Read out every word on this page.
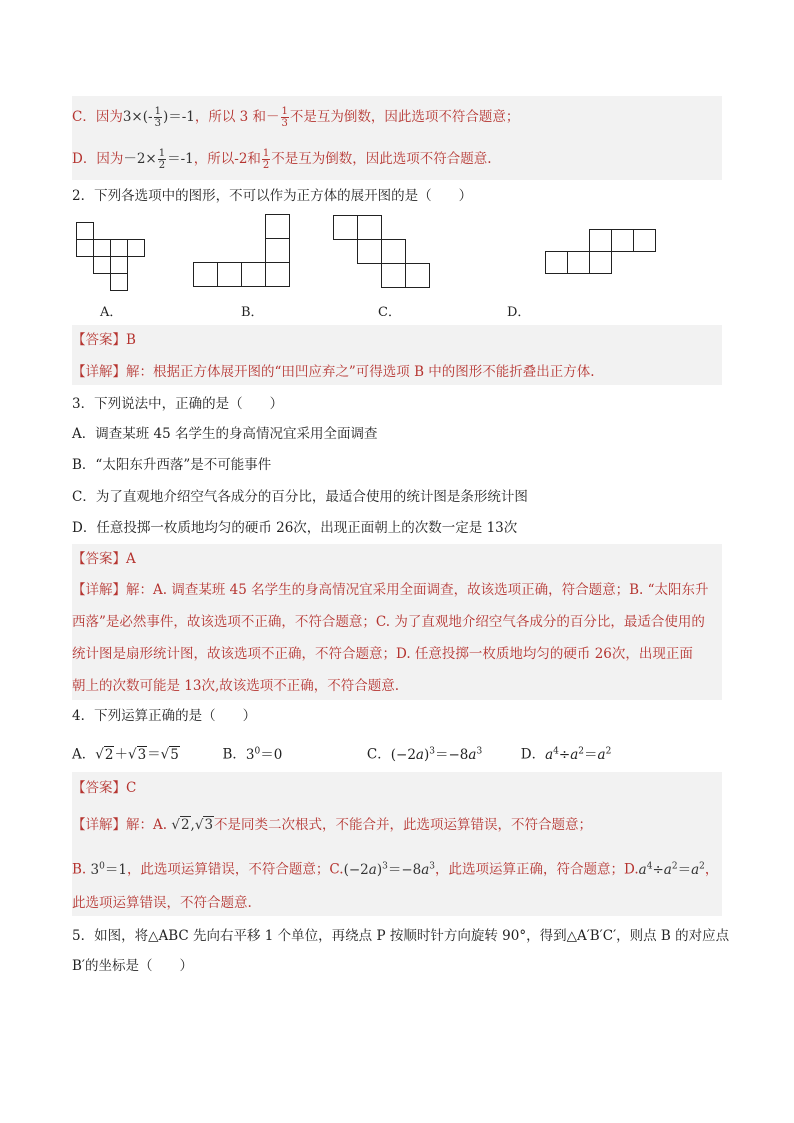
C．因为$3\times(- \frac{1}{3} )=-1$，所以 3 和－ $\frac{1}{3}$ 不是互为倒数，因此选项不符合题意；
D．因为$-2\times \frac{1}{2} =-1$，所以-2和 $\frac{1}{2}$ 不是互为倒数，因此选项不符合题意.
2．下列各选项中的图形，不可以作为正方体的展开图的是（　　）
A．	B．	C．	D．
【答案】B
【详解】解：根据正方体展开图的“田凹应弃之”可得选项 B 中的图形不能折叠出正方体.
3．下列说法中，正确的是（　　）
A．调查某班 45 名学生的身高情况宜采用全面调查
B．“太阳东升西落”是不可能事件
C．为了直观地介绍空气各成分的百分比，最适合使用的统计图是条形统计图
D．任意投掷一枚质地均匀的硬币 26次，出现正面朝上的次数一定是 13次
【答案】A
【详解】解：A. 调查某班 45 名学生的身高情况宜采用全面调查，故该选项正确，符合题意；B. “太阳东升
西落”是必然事件，故该选项不正确，不符合题意；C. 为了直观地介绍空气各成分的百分比，最适合使用的
统计图是扇形统计图，故该选项不正确，不符合题意；D. 任意投掷一枚质地均匀的硬币 26次，出现正面
朝上的次数可能是 13次,故该选项不正确，不符合题意.
4．下列运算正确的是（　　）
A．√2＋√3＝√5	B．$3^0=0$	C．$(-2a)^3=-8a^3$	D．$a^4\div a^2=a^2$
【答案】C
【详解】解：A. √2,√3不是同类二次根式，不能合并，此选项运算错误，不符合题意；
B. $3^0=1$，此选项运算错误，不符合题意；$C.(-2a)^3=-8a^3$，此选项运算正确，符合题意；$D.a^4\div a^2=a^2$，
此选项运算错误，不符合题意.
5．如图，将△ABC 先向右平移 1 个单位，再绕点 P 按顺时针方向旋转 90°，得到△A′B′C′，则点 B 的对应点
B′的坐标是（　　）
